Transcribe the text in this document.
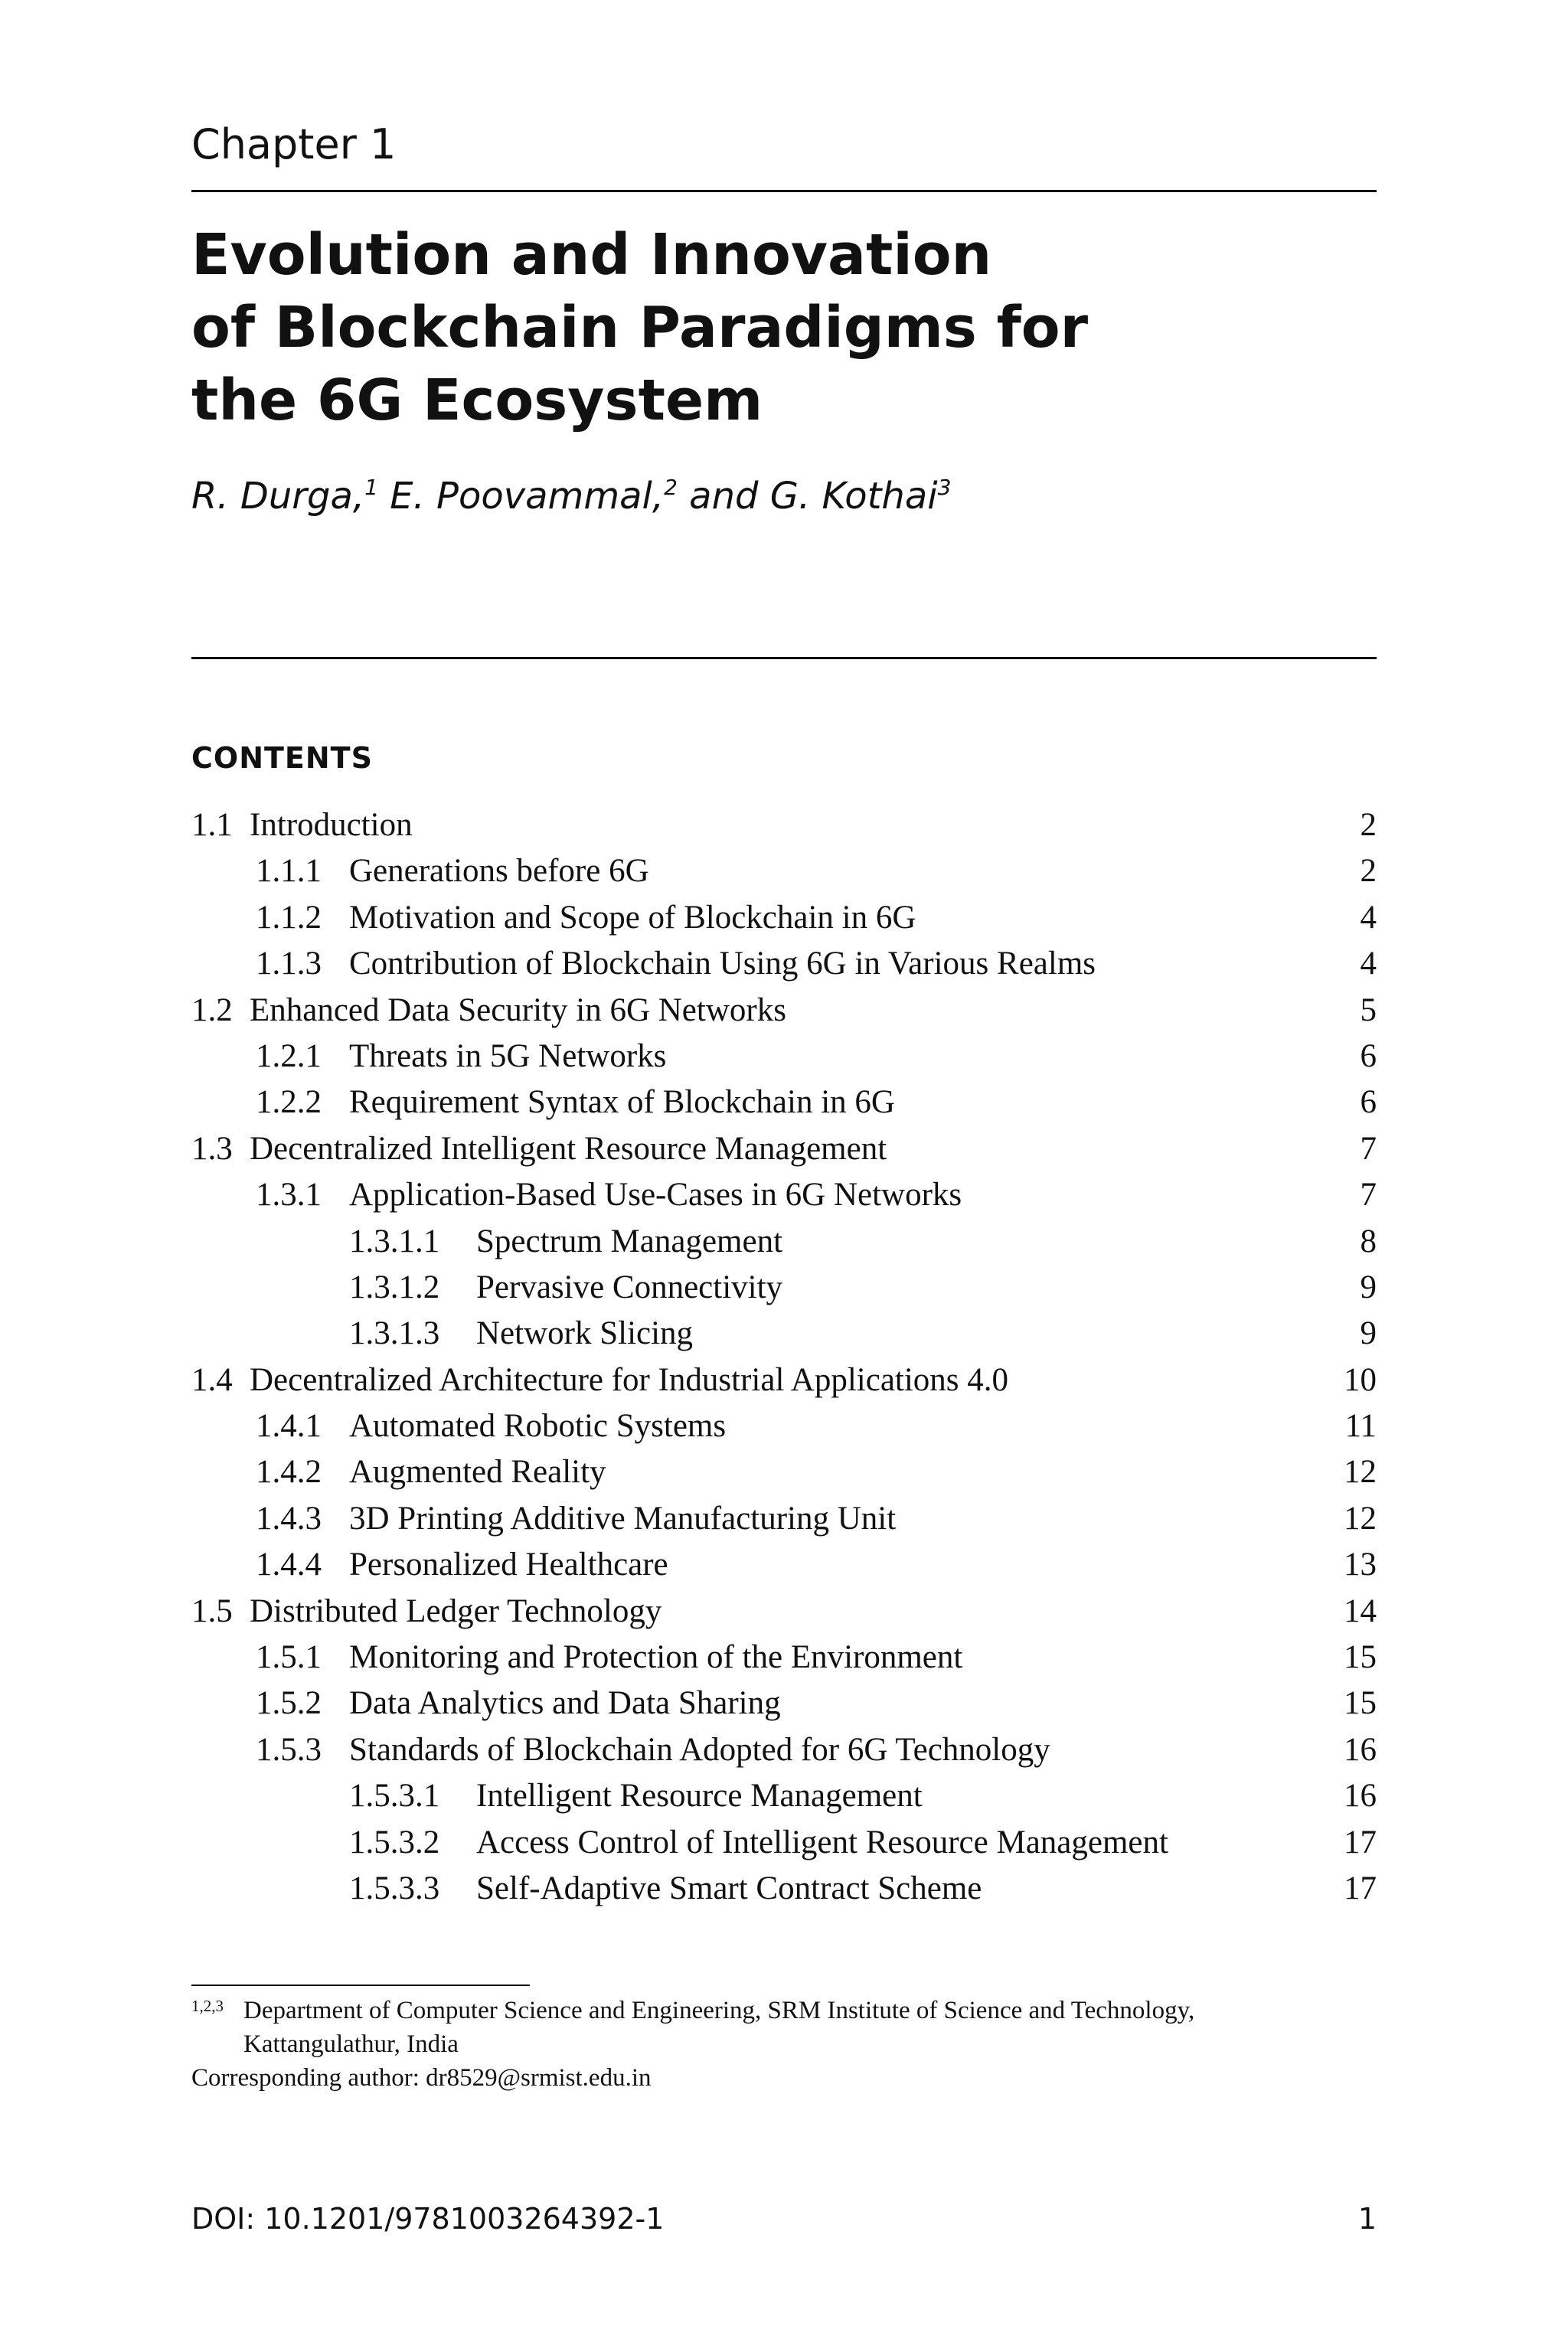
Chapter 1
Evolution and Innovation
of Blockchain Paradigms for
the 6G Ecosystem
R. Durga,$^1$ E. Poovammal,$^2$ and G. Kothai$^3$
CONTENTS
1.1 Introduction	2
1.1.1 Generations before 6G	2
1.1.2 Motivation and Scope of Blockchain in 6G	4
1.1.3 Contribution of Blockchain Using 6G in Various Realms	4
1.2 Enhanced Data Security in 6G Networks	5
1.2.1 Threats in 5G Networks	6
1.2.2 Requirement Syntax of Blockchain in 6G	6
1.3 Decentralized Intelligent Resource Management	7
1.3.1 Application-Based Use-Cases in 6G Networks	7
1.3.1.1 Spectrum Management	8
1.3.1.2 Pervasive Connectivity	9
1.3.1.3 Network Slicing	9
1.4 Decentralized Architecture for Industrial Applications 4.0	10
1.4.1 Automated Robotic Systems	11
1.4.2 Augmented Reality	12
1.4.3 3D Printing Additive Manufacturing Unit	12
1.4.4 Personalized Healthcare	13
1.5 Distributed Ledger Technology	14
1.5.1 Monitoring and Protection of the Environment	15
1.5.2 Data Analytics and Data Sharing	15
1.5.3 Standards of Blockchain Adopted for 6G Technology	16
1.5.3.1 Intelligent Resource Management	16
1.5.3.2 Access Control of Intelligent Resource Management	17
1.5.3.3 Self-Adaptive Smart Contract Scheme	17
1,2,3 Department of Computer Science and Engineering, SRM Institute of Science and Technology,
Kattangulathur, India
Corresponding author: dr8529@srmist.edu.in
DOI: 10.1201/9781003264392-1	1
